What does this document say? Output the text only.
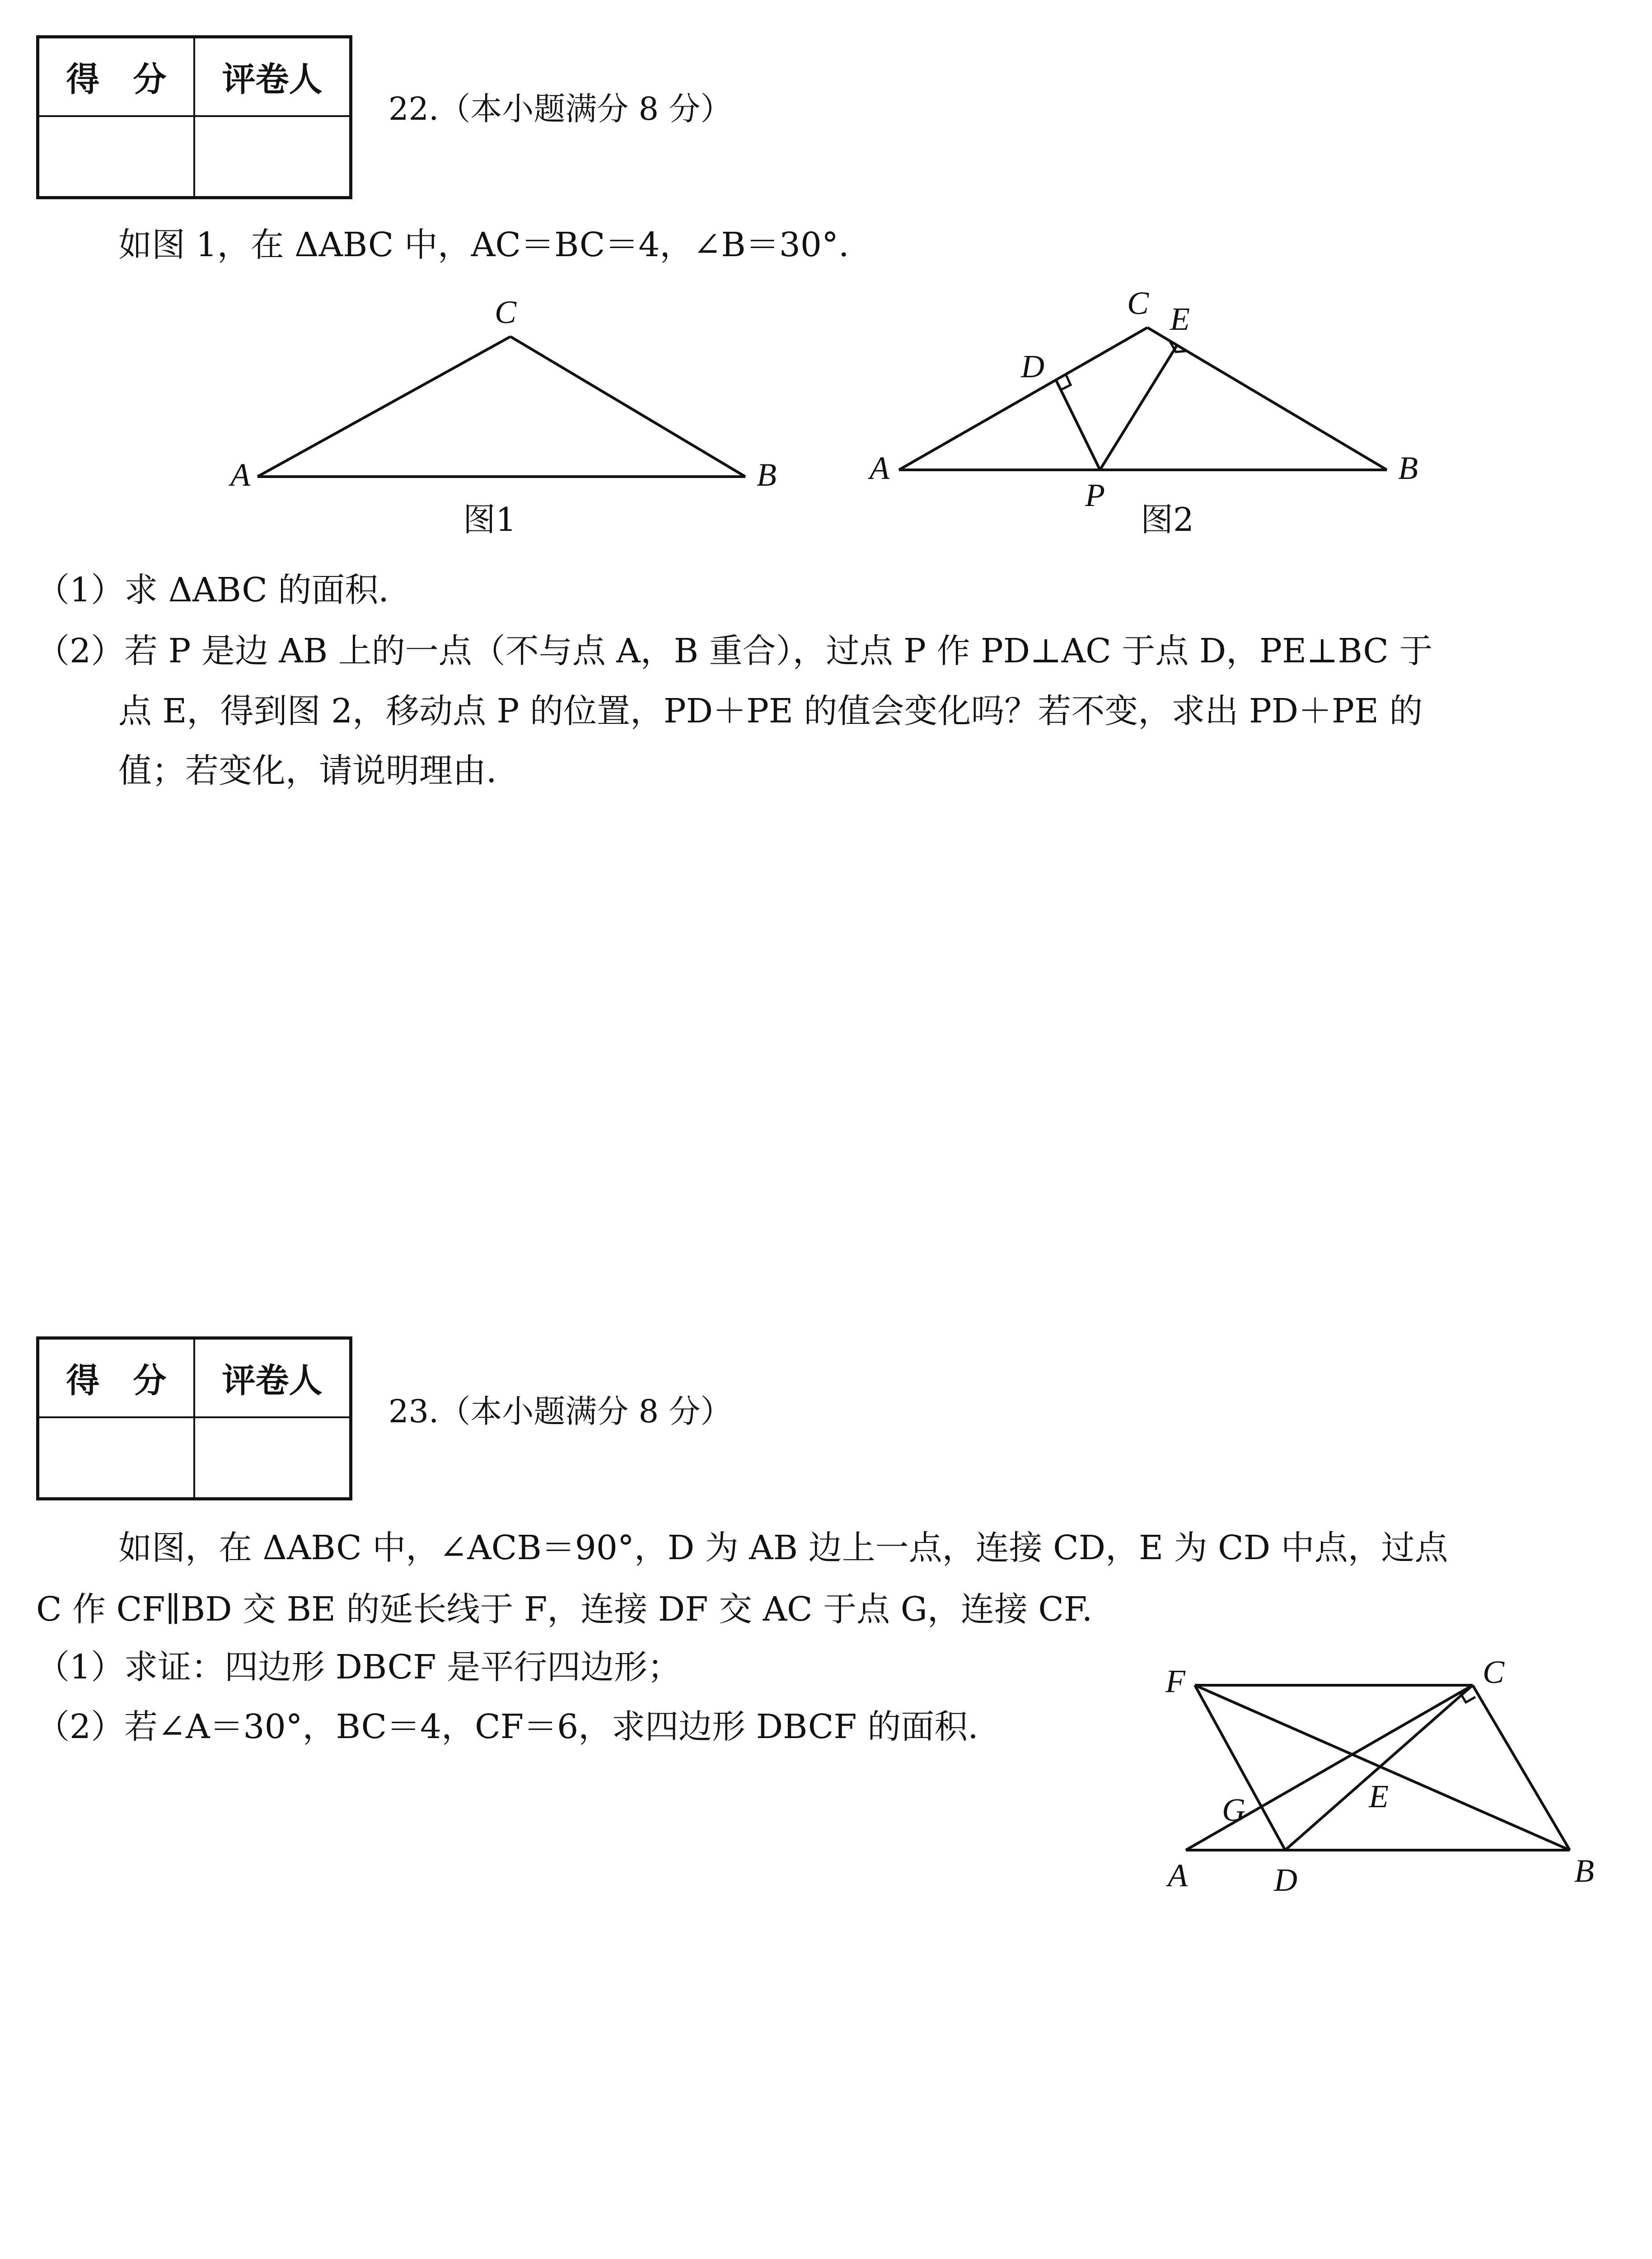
得　分	评卷人

22.（本小题满分 8 分）
如图 1，在 ΔABC 中，AC＝BC＝4，∠B＝30°.
A	B
C
图1
A	B
C
D
E
P
图2
（1）求 ΔABC 的面积.
（2）若 P 是边 AB 上的一点（不与点 A，B 重合），过点 P 作 PD⊥AC 于点 D，PE⊥BC 于
点 E，得到图 2，移动点 P 的位置，PD＋PE 的值会变化吗？若不变，求出 PD＋PE 的
值；若变化，请说明理由.
得　分	评卷人

23.（本小题满分 8 分）
如图，在 ΔABC 中，∠ACB＝90°，D 为 AB 边上一点，连接 CD，E 为 CD 中点，过点
C 作 CF∥BD 交 BE 的延长线于 F，连接 DF 交 AC 于点 G，连接 CF.
（1）求证：四边形 DBCF 是平行四边形；
（2）若∠A＝30°，BC＝4，CF＝6，求四边形 DBCF 的面积.
F	C
G	E
A	D	B
